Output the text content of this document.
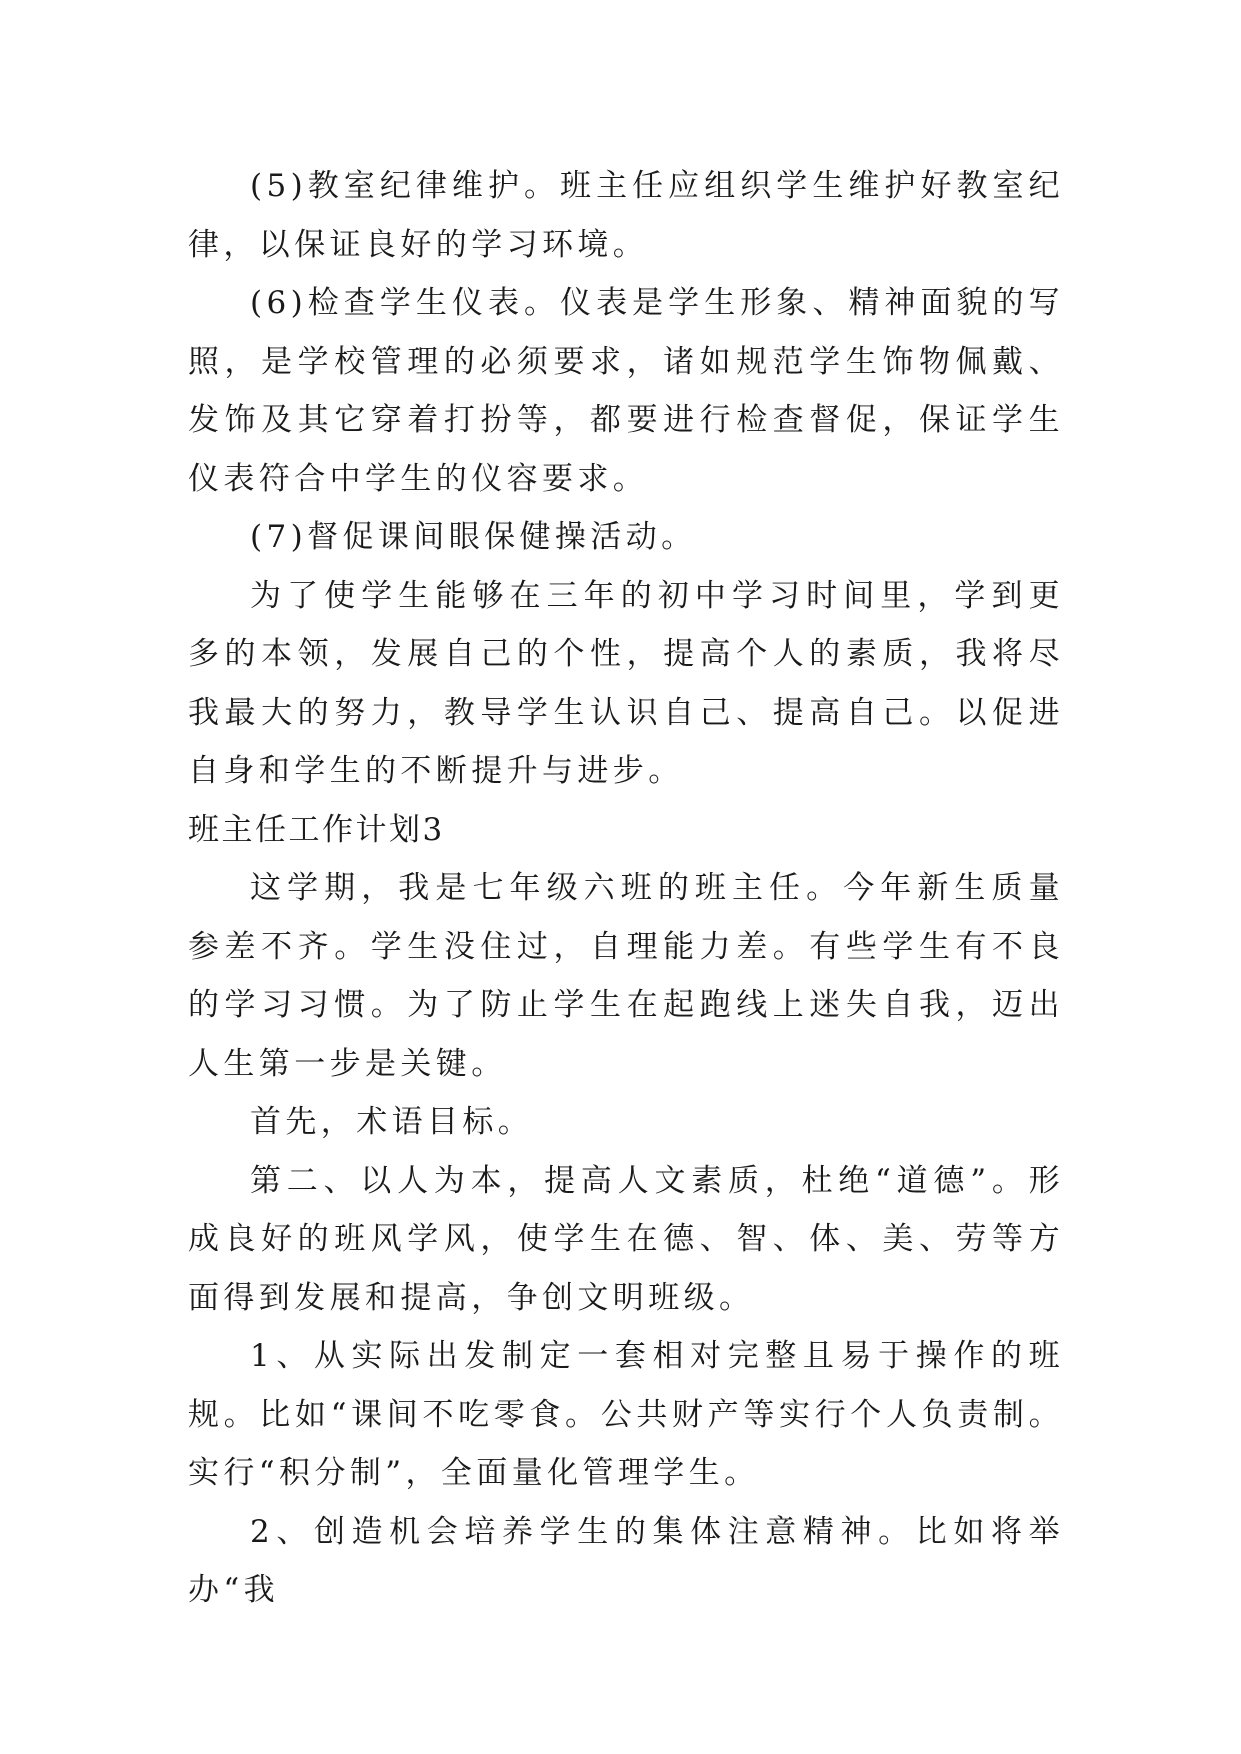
(5)教室纪律维护。班主任应组织学生维护好教室纪律，以保证良好的学习环境。

(6)检查学生仪表。仪表是学生形象、精神面貌的写照，是学校管理的必须要求，诸如规范学生饰物佩戴、发饰及其它穿着打扮等，都要进行检查督促，保证学生仪表符合中学生的仪容要求。

(7)督促课间眼保健操活动。

为了使学生能够在三年的初中学习时间里，学到更多的本领，发展自己的个性，提高个人的素质，我将尽我最大的努力，教导学生认识自己、提高自己。以促进自身和学生的不断提升与进步。

班主任工作计划3

这学期，我是七年级六班的班主任。今年新生质量参差不齐。学生没住过，自理能力差。有些学生有不良的学习习惯。为了防止学生在起跑线上迷失自我，迈出人生第一步是关键。

首先，术语目标。

第二、以人为本，提高人文素质，杜绝“道德”。形成良好的班风学风，使学生在德、智、体、美、劳等方面得到发展和提高，争创文明班级。

1、从实际出发制定一套相对完整且易于操作的班规。比如“课间不吃零食。公共财产等实行个人负责制。实行“积分制”，全面量化管理学生。

2、创造机会培养学生的集体注意精神。比如将举办“我
